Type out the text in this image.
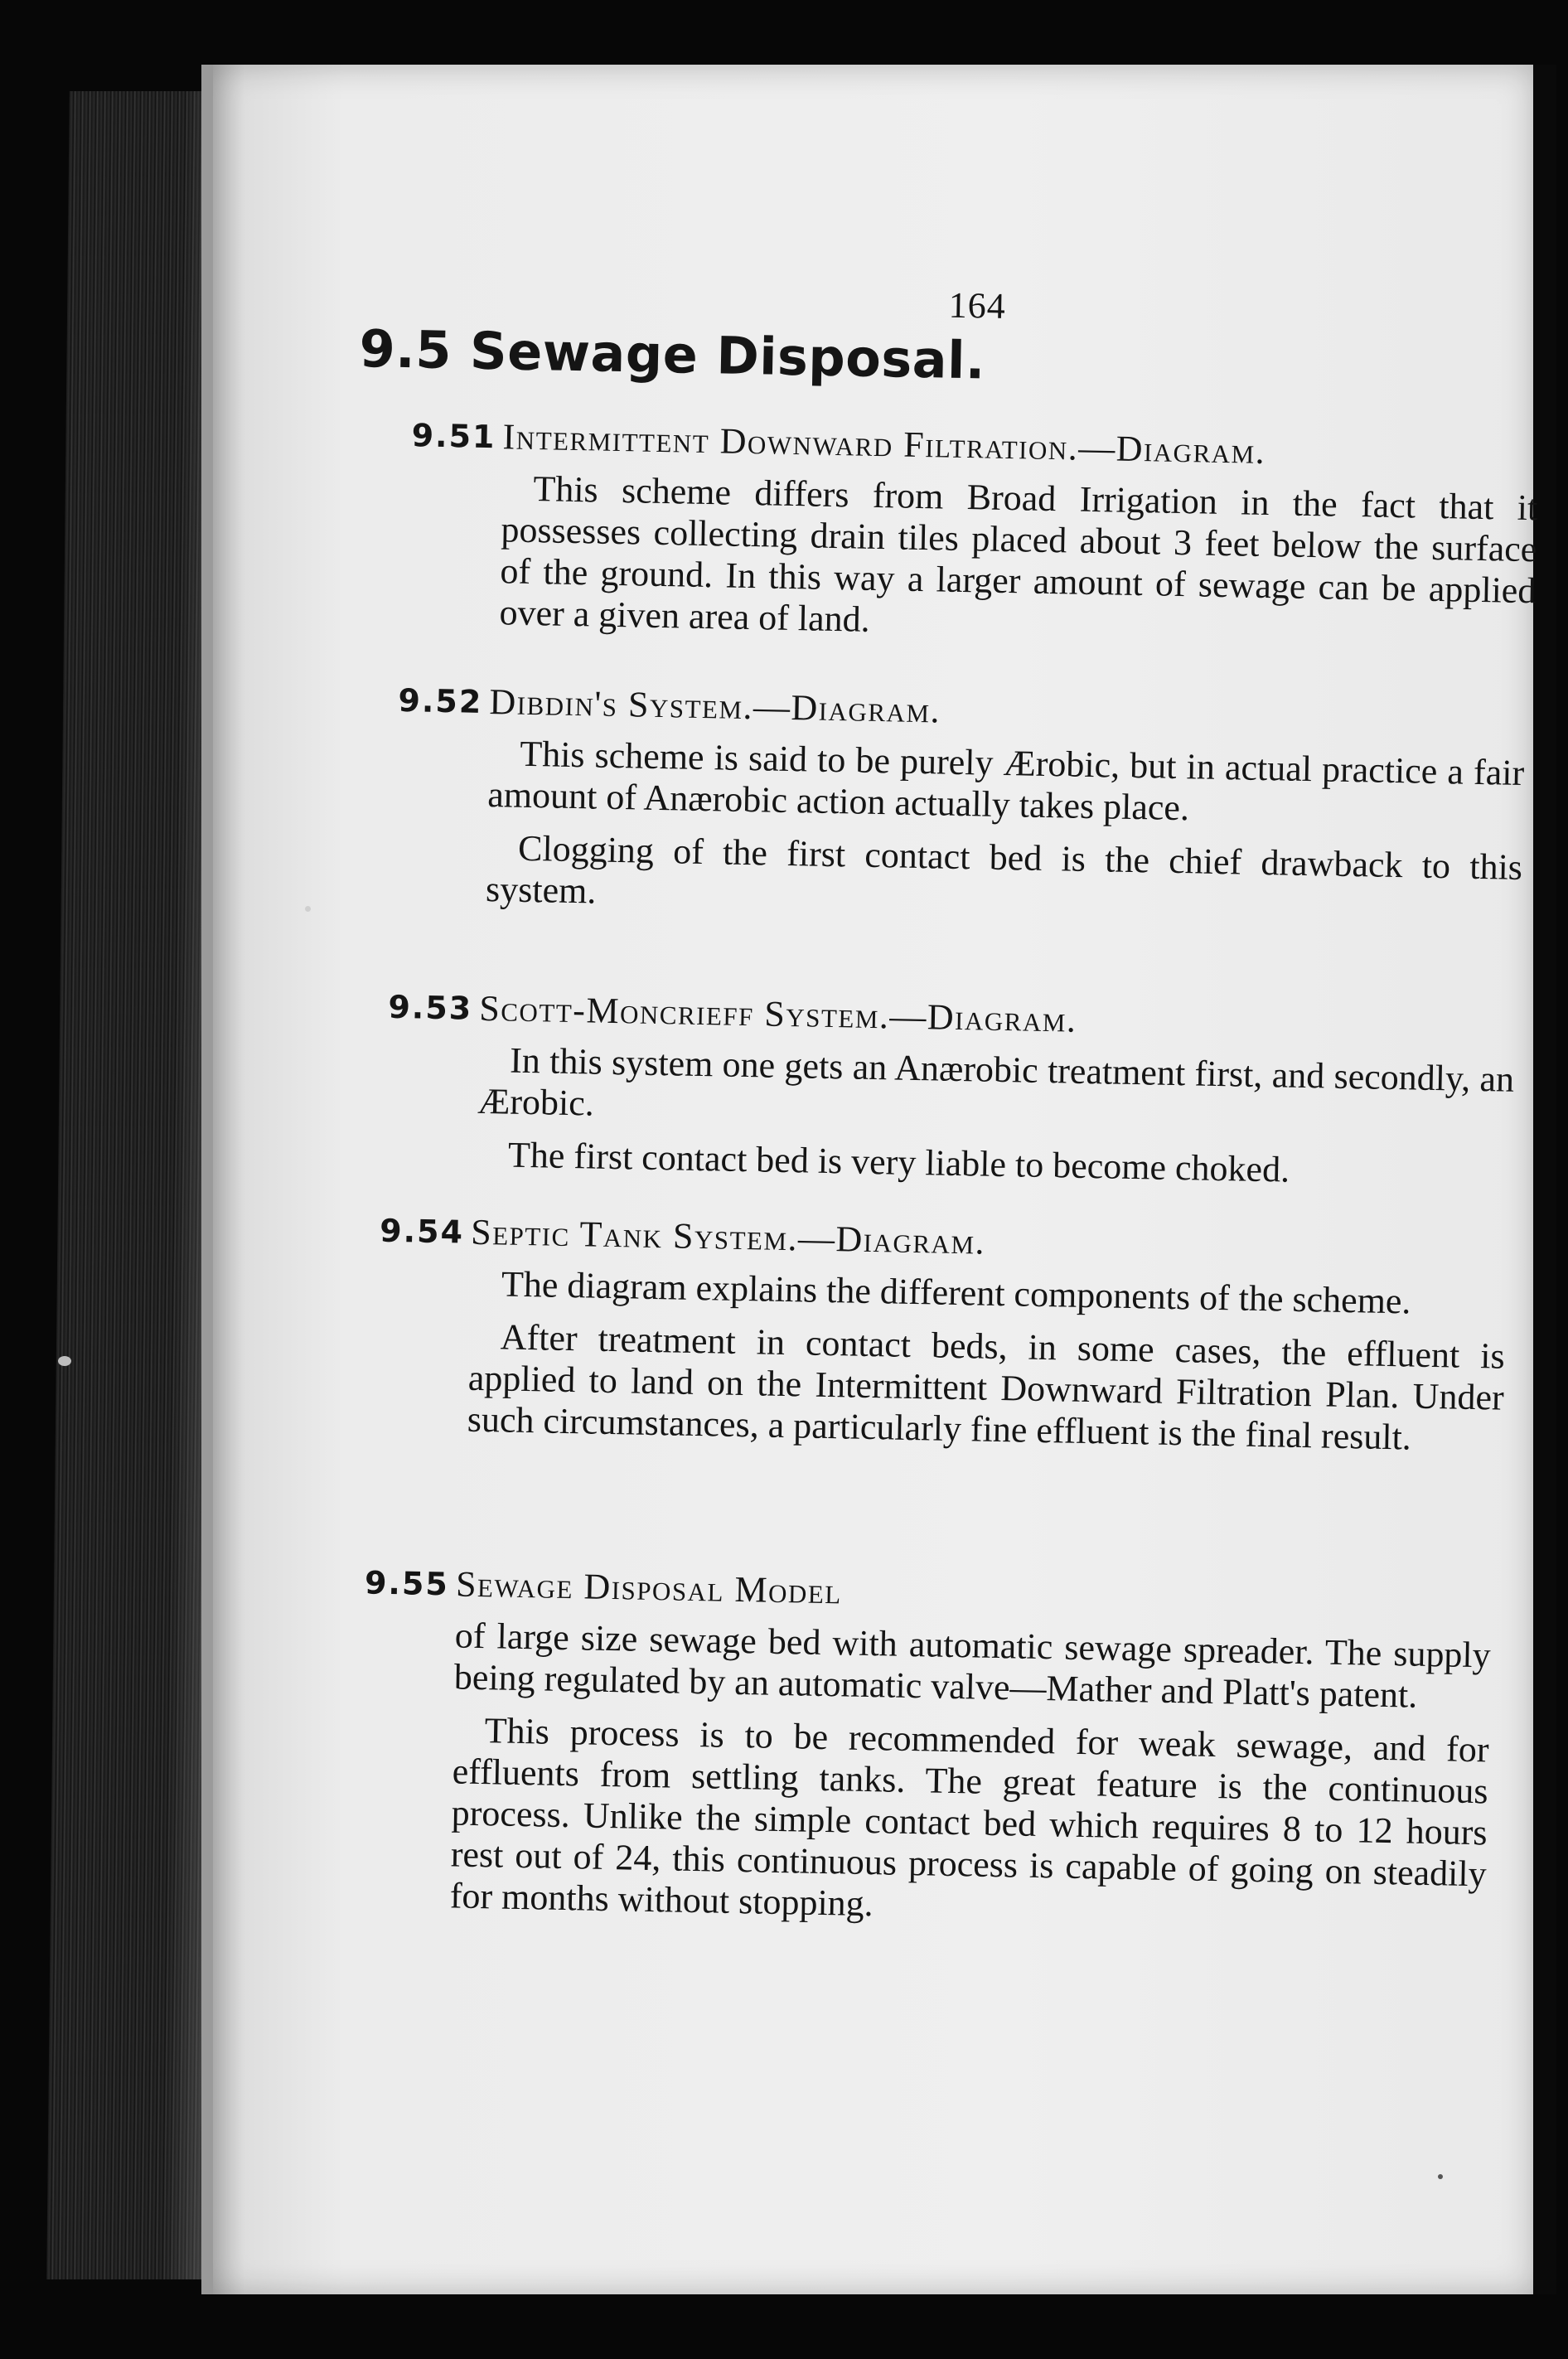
164
9.5 Sewage Disposal.
9.51 Intermittent Downward Filtration.—Diagram.

This scheme differs from Broad Irrigation in the fact that it possesses collecting drain tiles placed about 3 feet below the surface of the ground. In this way a larger amount of sewage can be applied over a given area of land.

9.52 Dibdin's System.—Diagram.

This scheme is said to be purely Ærobic, but in actual practice a fair amount of Anærobic action actually takes place.

Clogging of the first contact bed is the chief drawback to this system.

9.53 Scott-Moncrieff System.—Diagram.

In this system one gets an Anærobic treatment first, and secondly, an Ærobic.

The first contact bed is very liable to become choked.

9.54 Septic Tank System.—Diagram.

The diagram explains the different components of the scheme.

After treatment in contact beds, in some cases, the effluent is applied to land on the Intermittent Downward Filtration Plan. Under such circumstances, a particularly fine effluent is the final result.

9.55 Sewage Disposal Model

of large size sewage bed with automatic sewage spreader. The supply being regulated by an automatic valve—Mather and Platt's patent.

This process is to be recommended for weak sewage, and for effluents from settling tanks. The great feature is the continuous process. Unlike the simple contact bed which requires 8 to 12 hours rest out of 24, this continuous process is capable of going on steadily for months without stopping.
